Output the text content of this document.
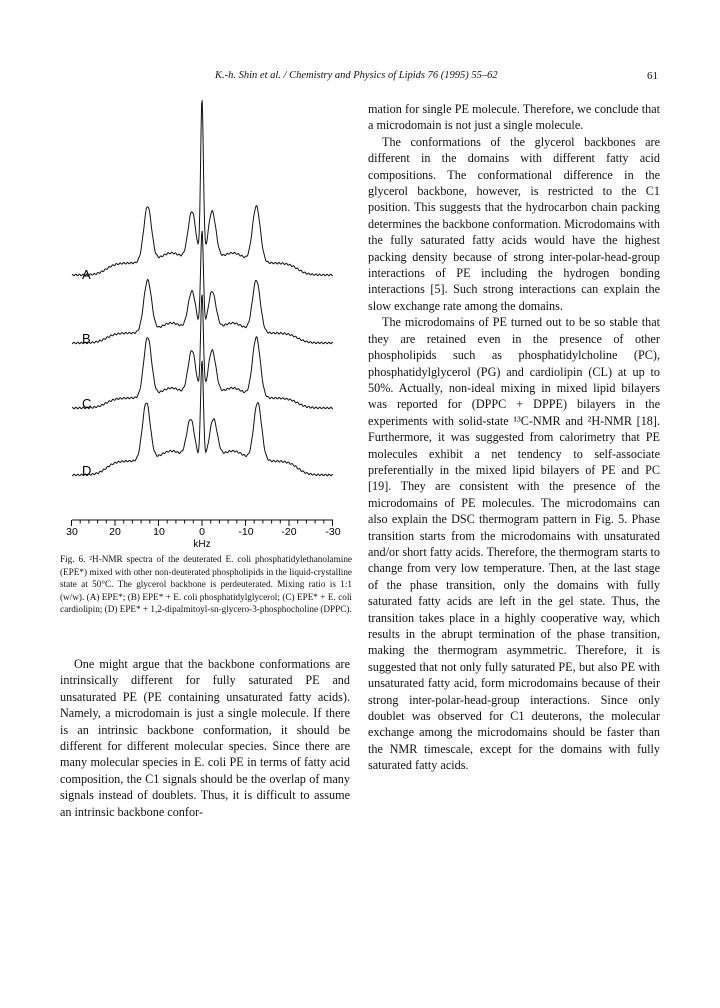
K.-h. Shin et al. / Chemistry and Physics of Lipids 76 (1995) 55–62	61
A
B
C
D
30	20	10	0	-10	-20	-30
kHz
Fig. 6. ²H-NMR spectra of the deuterated E. coli phosphatidylethanolamine (EPE*) mixed with other non-deuterated phospholipids in the liquid-crystalline state at 50°C. The glycerol backbone is perdeuterated. Mixing ratio is 1:1 (w/w). (A) EPE*; (B) EPE* + E. coli phosphatidylglycerol; (C) EPE* + E. coli cardiolipin; (D) EPE* + 1,2-dipalmitoyl-sn-glycero-3-phosphocholine (DPPC).

One might argue that the backbone conformations are intrinsically different for fully saturated PE and unsaturated PE (PE containing unsaturated fatty acids). Namely, a microdomain is just a single molecule. If there is an intrinsic backbone conformation, it should be different for different molecular species. Since there are many molecular species in E. coli PE in terms of fatty acid composition, the C1 signals should be the overlap of many signals instead of doublets. Thus, it is difficult to assume an intrinsic backbone confor-

mation for single PE molecule. Therefore, we conclude that a microdomain is not just a single molecule.

The conformations of the glycerol backbones are different in the domains with different fatty acid compositions. The conformational difference in the glycerol backbone, however, is restricted to the C1 position. This suggests that the hydrocarbon chain packing determines the backbone conformation. Microdomains with the fully saturated fatty acids would have the highest packing density because of strong inter-polar-head-group interactions of PE including the hydrogen bonding interactions [5]. Such strong interactions can explain the slow exchange rate among the domains.

The microdomains of PE turned out to be so stable that they are retained even in the presence of other phospholipids such as phosphatidylcholine (PC), phosphatidylglycerol (PG) and cardiolipin (CL) at up to 50%. Actually, non-ideal mixing in mixed lipid bilayers was reported for (DPPC + DPPE) bilayers in the experiments with solid-state ¹³C-NMR and ²H-NMR [18]. Furthermore, it was suggested from calorimetry that PE molecules exhibit a net tendency to self-associate preferentially in the mixed lipid bilayers of PE and PC [19]. They are consistent with the presence of the microdomains of PE molecules. The microdomains can also explain the DSC thermogram pattern in Fig. 5. Phase transition starts from the microdomains with unsaturated and/or short fatty acids. Therefore, the thermogram starts to change from very low temperature. Then, at the last stage of the phase transition, only the domains with fully saturated fatty acids are left in the gel state. Thus, the transition takes place in a highly cooperative way, which results in the abrupt termination of the phase transition, making the thermogram asymmetric. Therefore, it is suggested that not only fully saturated PE, but also PE with unsaturated fatty acid, form microdomains because of their strong inter-polar-head-group interactions. Since only doublet was observed for C1 deuterons, the molecular exchange among the microdomains should be faster than the NMR timescale, except for the domains with fully saturated fatty acids.
